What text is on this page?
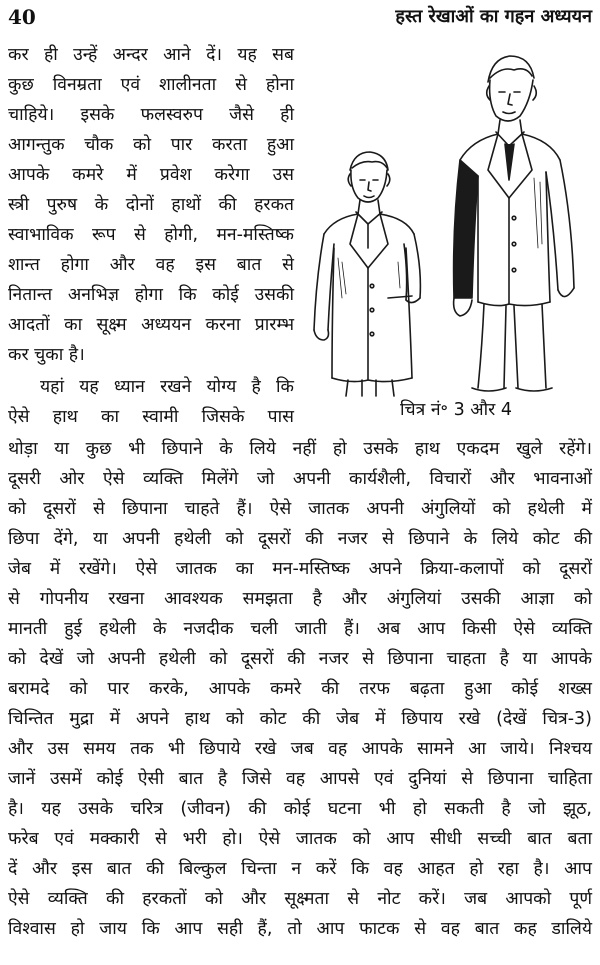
40	हस्त रेखाओं का गहन अध्ययन
कर ही उन्हें अन्दर आने दें। यह सब
कुछ विनम्रता एवं शालीनता से होना
चाहिये। इसके फलस्वरुप जैसे ही
आगन्तुक चौक को पार करता हुआ
आपके कमरे में प्रवेश करेगा उस
स्त्री पुरुष के दोनों हाथों की हरकत
स्वाभाविक रूप से होगी, मन-मस्तिष्क
शान्त होगा और वह इस बात से
नितान्त अनभिज्ञ होगा कि कोई उसकी
आदतों का सूक्ष्म अध्ययन करना प्रारम्भ
कर चुका है।
यहां यह ध्यान रखने योग्य है कि
ऐसे हाथ का स्वामी जिसके पास
थोड़ा या कुछ भी छिपाने के लिये नहीं हो उसके हाथ एकदम खुले रहेंगे।
दूसरी ओर ऐसे व्यक्ति मिलेंगे जो अपनी कार्यशैली, विचारों और भावनाओं
को दूसरों से छिपाना चाहते हैं। ऐसे जातक अपनी अंगुलियों को हथेली में
छिपा देंगे, या अपनी हथेली को दूसरों की नजर से छिपाने के लिये कोट की
जेब में रखेंगे। ऐसे जातक का मन-मस्तिष्क अपने क्रिया-कलापों को दूसरों
से गोपनीय रखना आवश्यक समझता है और अंगुलियां उसकी आज्ञा को
मानती हुई हथेली के नजदीक चली जाती हैं। अब आप किसी ऐसे व्यक्ति
को देखें जो अपनी हथेली को दूसरों की नजर से छिपाना चाहता है या आपके
बरामदे को पार करके, आपके कमरे की तरफ बढ़ता हुआ कोई शख्स
चिन्तित मुद्रा में अपने हाथ को कोट की जेब में छिपाय रखे (देखें चित्र-3)
और उस समय तक भी छिपाये रखे जब वह आपके सामने आ जाये। निश्चय
जानें उसमें कोई ऐसी बात है जिसे वह आपसे एवं दुनियां से छिपाना चाहिता
है। यह उसके चरित्र (जीवन) की कोई घटना भी हो सकती है जो झूठ,
फरेब एवं मक्कारी से भरी हो। ऐसे जातक को आप सीधी सच्ची बात बता
दें और इस बात की बिल्कुल चिन्ता न करें कि वह आहत हो रहा है। आप
ऐसे व्यक्ति की हरकतों को और सूक्ष्मता से नोट करें। जब आपको पूर्ण
विश्वास हो जाय कि आप सही हैं, तो आप फाटक से वह बात कह डालिये
चित्र नं॰ 3 और 4
